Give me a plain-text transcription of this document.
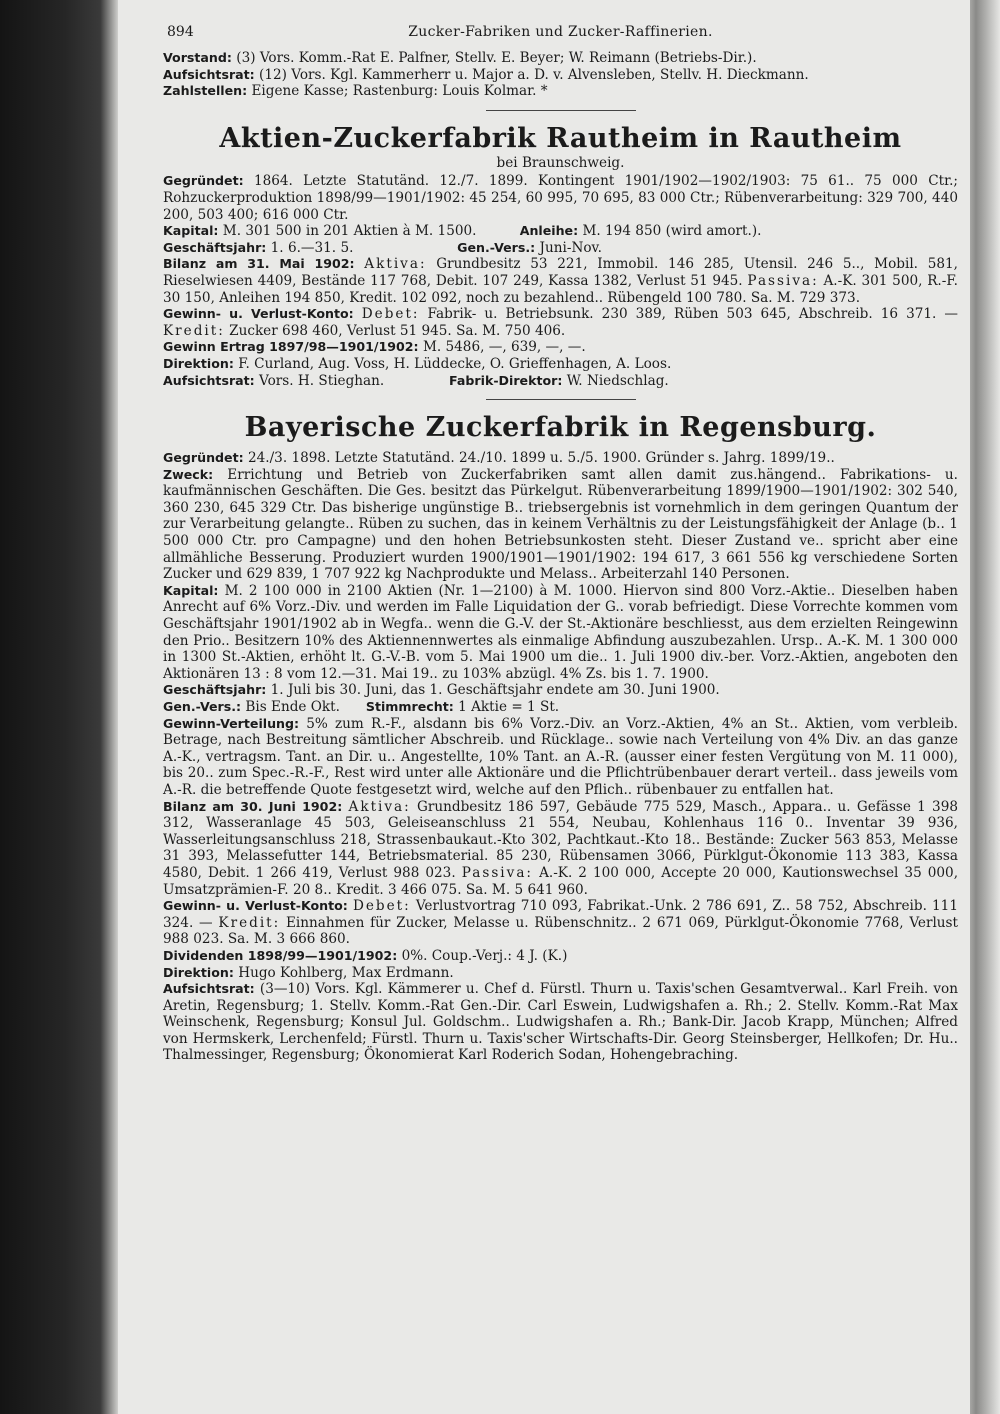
894	Zucker-Fabriken und Zucker-Raffinerien.

Vorstand: (3) Vors. Komm.-Rat E. Palfner, Stellv. E. Beyer; W. Reimann (Betriebs-Dir.).

Aufsichtsrat: (12) Vors. Kgl. Kammerherr u. Major a. D. v. Alvensleben, Stellv. H. Dieckmann.

Zahlstellen: Eigene Kasse; Rastenburg: Louis Kolmar. *

Aktien-Zuckerfabrik Rautheim in Rautheim

bei Braunschweig.

Gegründet: 1864. Letzte Statutänd. 12./7. 1899. Kontingent 1901/1902—1902/1903: 75 61.. 75 000 Ctr.; Rohzuckerproduktion 1898/99—1901/1902: 45 254, 60 995, 70 695, 83 000 Ctr.; Rübenverarbeitung: 329 700, 440 200, 503 400; 616 000 Ctr.

Kapital: M. 301 500 in 201 Aktien à M. 1500.	Anleihe: M. 194 850 (wird amort.).

Geschäftsjahr: 1. 6.—31. 5.	Gen.-Vers.: Juni-Nov.

Bilanz am 31. Mai 1902: Aktiva: Grundbesitz 53 221, Immobil. 146 285, Utensil. 246 5.., Mobil. 581, Rieselwiesen 4409, Bestände 117 768, Debit. 107 249, Kassa 1382, Verlust 51 945. Passiva: A.-K. 301 500, R.-F. 30 150, Anleihen 194 850, Kredit. 102 092, noch zu bezahlend.. Rübengeld 100 780. Sa. M. 729 373.

Gewinn- u. Verlust-Konto: Debet: Fabrik- u. Betriebsunk. 230 389, Rüben 503 645, Abschreib. 16 371. — Kredit: Zucker 698 460, Verlust 51 945. Sa. M. 750 406.

Gewinn Ertrag 1897/98—1901/1902: M. 5486, —, 639, —, —.

Direktion: F. Curland, Aug. Voss, H. Lüddecke, O. Grieffenhagen, A. Loos.

Aufsichtsrat: Vors. H. Stieghan.	Fabrik-Direktor: W. Niedschlag.

Bayerische Zuckerfabrik in Regensburg.

Gegründet: 24./3. 1898. Letzte Statutänd. 24./10. 1899 u. 5./5. 1900. Gründer s. Jahrg. 1899/19..

Zweck: Errichtung und Betrieb von Zuckerfabriken samt allen damit zus.hängend.. Fabrikations- u. kaufmännischen Geschäften. Die Ges. besitzt das Pürkelgut. Rübenverarbeitung 1899/1900—1901/1902: 302 540, 360 230, 645 329 Ctr. Das bisherige ungünstige B.. triebsergebnis ist vornehmlich in dem geringen Quantum der zur Verarbeitung gelangte.. Rüben zu suchen, das in keinem Verhältnis zu der Leistungsfähigkeit der Anlage (b.. 1 500 000 Ctr. pro Campagne) und den hohen Betriebsunkosten steht. Dieser Zustand ve.. spricht aber eine allmähliche Besserung. Produziert wurden 1900/1901—1901/1902: 194 617, 3 661 556 kg verschiedene Sorten Zucker und 629 839, 1 707 922 kg Nachprodukte und Melass.. Arbeiterzahl 140 Personen.

Kapital: M. 2 100 000 in 2100 Aktien (Nr. 1—2100) à M. 1000. Hiervon sind 800 Vorz.-Aktie.. Dieselben haben Anrecht auf 6% Vorz.-Div. und werden im Falle Liquidation der G.. vorab befriedigt. Diese Vorrechte kommen vom Geschäftsjahr 1901/1902 ab in Wegfa.. wenn die G.-V. der St.-Aktionäre beschliesst, aus dem erzielten Reingewinn den Prio.. Besitzern 10% des Aktiennennwertes als einmalige Abfindung auszubezahlen. Ursp.. A.-K. M. 1 300 000 in 1300 St.-Aktien, erhöht lt. G.-V.-B. vom 5. Mai 1900 um die.. 1. Juli 1900 div.-ber. Vorz.-Aktien, angeboten den Aktionären 13 : 8 vom 12.—31. Mai 19.. zu 103% abzügl. 4% Zs. bis 1. 7. 1900.

Geschäftsjahr: 1. Juli bis 30. Juni, das 1. Geschäftsjahr endete am 30. Juni 1900.

Gen.-Vers.: Bis Ende Okt. Stimmrecht: 1 Aktie = 1 St.

Gewinn-Verteilung: 5% zum R.-F., alsdann bis 6% Vorz.-Div. an Vorz.-Aktien, 4% an St.. Aktien, vom verbleib. Betrage, nach Bestreitung sämtlicher Abschreib. und Rücklage.. sowie nach Verteilung von 4% Div. an das ganze A.-K., vertragsm. Tant. an Dir. u.. Angestellte, 10% Tant. an A.-R. (ausser einer festen Vergütung von M. 11 000), bis 20.. zum Spec.-R.-F., Rest wird unter alle Aktionäre und die Pflichtrübenbauer derart verteil.. dass jeweils vom A.-R. die betreffende Quote festgesetzt wird, welche auf den Pflich.. rübenbauer zu entfallen hat.

Bilanz am 30. Juni 1902: Aktiva: Grundbesitz 186 597, Gebäude 775 529, Masch., Appara.. u. Gefässe 1 398 312, Wasseranlage 45 503, Geleiseanschluss 21 554, Neubau, Kohlenhaus 116 0.. Inventar 39 936, Wasserleitungsanschluss 218, Strassenbaukaut.-Kto 302, Pachtkaut.-Kto 18.. Bestände: Zucker 563 853, Melasse 31 393, Melassefutter 144, Betriebsmaterial. 85 230, Rübensamen 3066, Pürklgut-Ökonomie 113 383, Kassa 4580, Debit. 1 266 419, Verlust 988 023. Passiva: A.-K. 2 100 000, Accepte 20 000, Kautionswechsel 35 000, Umsatzprämien-F. 20 8.. Kredit. 3 466 075. Sa. M. 5 641 960.

Gewinn- u. Verlust-Konto: Debet: Verlustvortrag 710 093, Fabrikat.-Unk. 2 786 691, Z.. 58 752, Abschreib. 111 324. — Kredit: Einnahmen für Zucker, Melasse u. Rübenschnitz.. 2 671 069, Pürklgut-Ökonomie 7768, Verlust 988 023. Sa. M. 3 666 860.

Dividenden 1898/99—1901/1902: 0%. Coup.-Verj.: 4 J. (K.)

Direktion: Hugo Kohlberg, Max Erdmann.

Aufsichtsrat: (3—10) Vors. Kgl. Kämmerer u. Chef d. Fürstl. Thurn u. Taxis'schen Gesamtverwal.. Karl Freih. von Aretin, Regensburg; 1. Stellv. Komm.-Rat Gen.-Dir. Carl Eswein, Ludwigshafen a. Rh.; 2. Stellv. Komm.-Rat Max Weinschenk, Regensburg; Konsul Jul. Goldschm.. Ludwigshafen a. Rh.; Bank-Dir. Jacob Krapp, München; Alfred von Hermskerk, Lerchenfeld; Fürstl. Thurn u. Taxis'scher Wirtschafts-Dir. Georg Steinsberger, Hellkofen; Dr. Hu.. Thalmessinger, Regensburg; Ökonomierat Karl Roderich Sodan, Hohengebraching.
